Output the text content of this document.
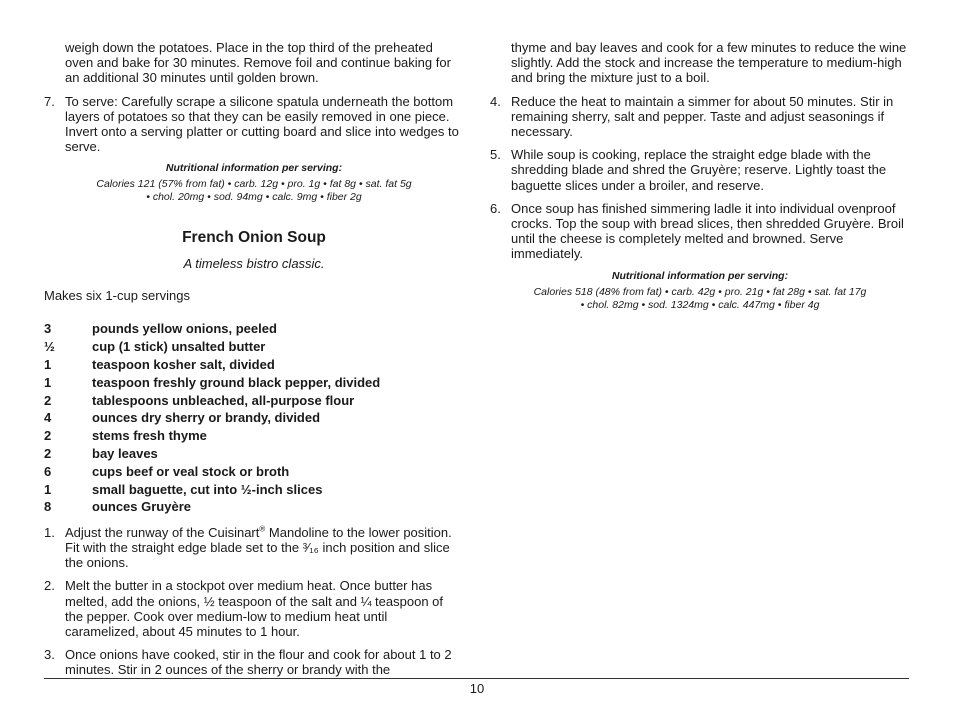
weigh down the potatoes. Place in the top third of the preheated oven and bake for 30 minutes. Remove foil and continue baking for an additional 30 minutes until golden brown.

7. To serve: Carefully scrape a silicone spatula underneath the bottom layers of potatoes so that they can be easily removed in one piece. Invert onto a serving platter or cutting board and slice into wedges to serve.
Nutritional information per serving:
Calories 121 (57% from fat) • carb. 12g • pro. 1g • fat 8g • sat. fat 5g
• chol. 20mg • sod. 94mg • calc. 9mg • fiber 2g
French Onion Soup
A timeless bistro classic.
Makes six 1-cup servings
3	pounds yellow onions, peeled
½	cup (1 stick) unsalted butter
1	teaspoon kosher salt, divided
1	teaspoon freshly ground black pepper, divided
2	tablespoons unbleached, all-purpose flour
4	ounces dry sherry or brandy, divided
2	stems fresh thyme
2	bay leaves
6	cups beef or veal stock or broth
1	small baguette, cut into ½-inch slices
8	ounces Gruyère
1. Adjust the runway of the Cuisinart® Mandoline to the lower position. Fit with the straight edge blade set to the ³⁄₁₆ inch position and slice the onions.
2. Melt the butter in a stockpot over medium heat. Once butter has melted, add the onions, ½ teaspoon of the salt and ¼ teaspoon of the pepper. Cook over medium-low to medium heat until caramelized, about 45 minutes to 1 hour.
3. Once onions have cooked, stir in the flour and cook for about 1 to 2 minutes. Stir in 2 ounces of the sherry or brandy with the

thyme and bay leaves and cook for a few minutes to reduce the wine slightly. Add the stock and increase the temperature to medium-high and bring the mixture just to a boil.

4. Reduce the heat to maintain a simmer for about 50 minutes. Stir in remaining sherry, salt and pepper. Taste and adjust seasonings if necessary.
5. While soup is cooking, replace the straight edge blade with the shredding blade and shred the Gruyère; reserve. Lightly toast the baguette slices under a broiler, and reserve.
6. Once soup has finished simmering ladle it into individual ovenproof crocks. Top the soup with bread slices, then shredded Gruyère. Broil until the cheese is completely melted and browned. Serve immediately.
Nutritional information per serving:
Calories 518 (48% from fat) • carb. 42g • pro. 21g • fat 28g • sat. fat 17g
• chol. 82mg • sod. 1324mg • calc. 447mg • fiber 4g
10
